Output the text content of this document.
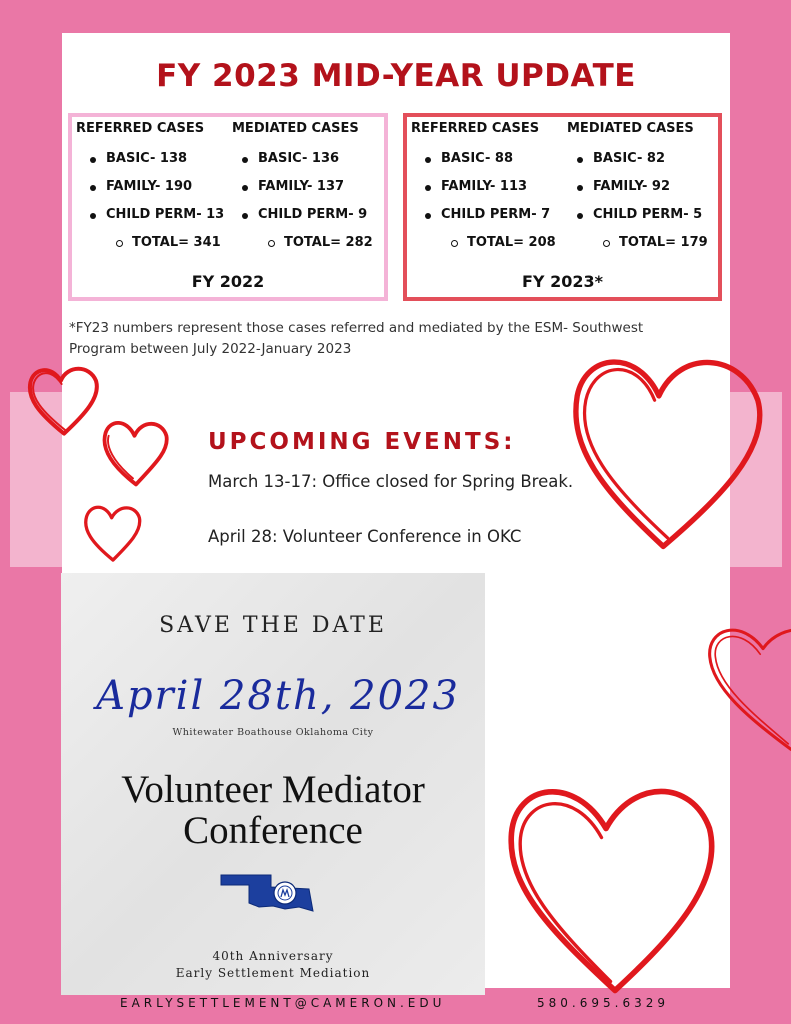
FY 2023 MID-YEAR UPDATE
REFERRED CASES
BASIC- 138
FAMILY- 190
CHILD PERM- 13
TOTAL= 341
MEDIATED CASES
BASIC- 136
FAMILY- 137
CHILD PERM- 9
TOTAL= 282
FY 2022
REFERRED CASES
BASIC- 88
FAMILY- 113
CHILD PERM- 7
TOTAL= 208
MEDIATED CASES
BASIC- 82
FAMILY- 92
CHILD PERM- 5
TOTAL= 179
FY 2023*
*FY23 numbers represent those cases referred and mediated by the ESM- Southwest
Program between July 2022-January 2023
UPCOMING EVENTS:
March 13-17: Office closed for Spring Break.
April 28: Volunteer Conference in OKC
SAVE THE DATE
April 28th, 2023
Whitewater Boathouse Oklahoma City
Volunteer Mediator
Conference
40th Anniversary
Early Settlement Mediation
EARLYSETTLEMENT@CAMERON.EDU	580.695.6329
